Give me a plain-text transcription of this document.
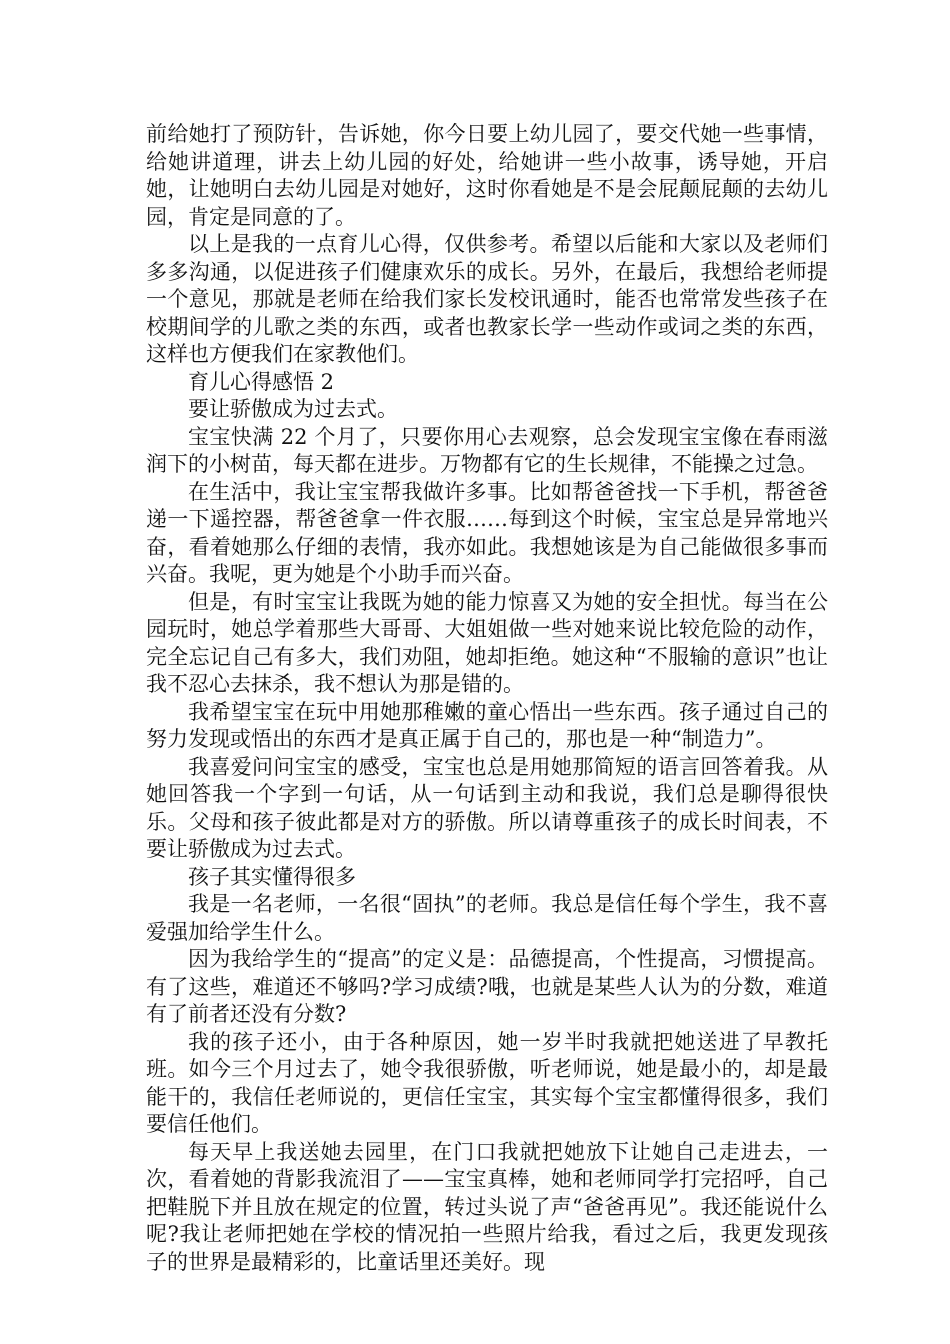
前给她打了预防针，告诉她，你今日要上幼儿园了，要交代她一些事情，给她讲道理，讲去上幼儿园的好处，给她讲一些小故事，诱导她，开启她，让她明白去幼儿园是对她好，这时你看她是不是会屁颠屁颠的去幼儿园，肯定是同意的了。

以上是我的一点育儿心得，仅供参考。希望以后能和大家以及老师们多多沟通，以促进孩子们健康欢乐的成长。另外，在最后，我想给老师提一个意见，那就是老师在给我们家长发校讯通时，能否也常常发些孩子在校期间学的儿歌之类的东西，或者也教家长学一些动作或词之类的东西，这样也方便我们在家教他们。

育儿心得感悟 2

要让骄傲成为过去式。

宝宝快满 22 个月了，只要你用心去观察，总会发现宝宝像在春雨滋润下的小树苗，每天都在进步。万物都有它的生长规律，不能操之过急。

在生活中，我让宝宝帮我做许多事。比如帮爸爸找一下手机，帮爸爸递一下遥控器，帮爸爸拿一件衣服……每到这个时候，宝宝总是异常地兴奋，看着她那么仔细的表情，我亦如此。我想她该是为自己能做很多事而兴奋。我呢，更为她是个小助手而兴奋。

但是，有时宝宝让我既为她的能力惊喜又为她的安全担忧。每当在公园玩时，她总学着那些大哥哥、大姐姐做一些对她来说比较危险的动作，完全忘记自己有多大，我们劝阻，她却拒绝。她这种“不服输的意识”也让我不忍心去抹杀，我不想认为那是错的。

我希望宝宝在玩中用她那稚嫩的童心悟出一些东西。孩子通过自己的努力发现或悟出的东西才是真正属于自己的，那也是一种“制造力”。

我喜爱问问宝宝的感受，宝宝也总是用她那简短的语言回答着我。从她回答我一个字到一句话，从一句话到主动和我说，我们总是聊得很快乐。父母和孩子彼此都是对方的骄傲。所以请尊重孩子的成长时间表，不要让骄傲成为过去式。

孩子其实懂得很多

我是一名老师，一名很“固执”的老师。我总是信任每个学生，我不喜爱强加给学生什么。

因为我给学生的“提高”的定义是：品德提高，个性提高，习惯提高。有了这些，难道还不够吗?学习成绩?哦，也就是某些人认为的分数，难道有了前者还没有分数?

我的孩子还小，由于各种原因，她一岁半时我就把她送进了早教托班。如今三个月过去了，她令我很骄傲，听老师说，她是最小的，却是最能干的，我信任老师说的，更信任宝宝，其实每个宝宝都懂得很多，我们要信任他们。

每天早上我送她去园里，在门口我就把她放下让她自己走进去，一次，看着她的背影我流泪了——宝宝真棒，她和老师同学打完招呼，自己把鞋脱下并且放在规定的位置，转过头说了声“爸爸再见”。我还能说什么呢?我让老师把她在学校的情况拍一些照片给我，看过之后，我更发现孩子的世界是最精彩的，比童话里还美好。现
